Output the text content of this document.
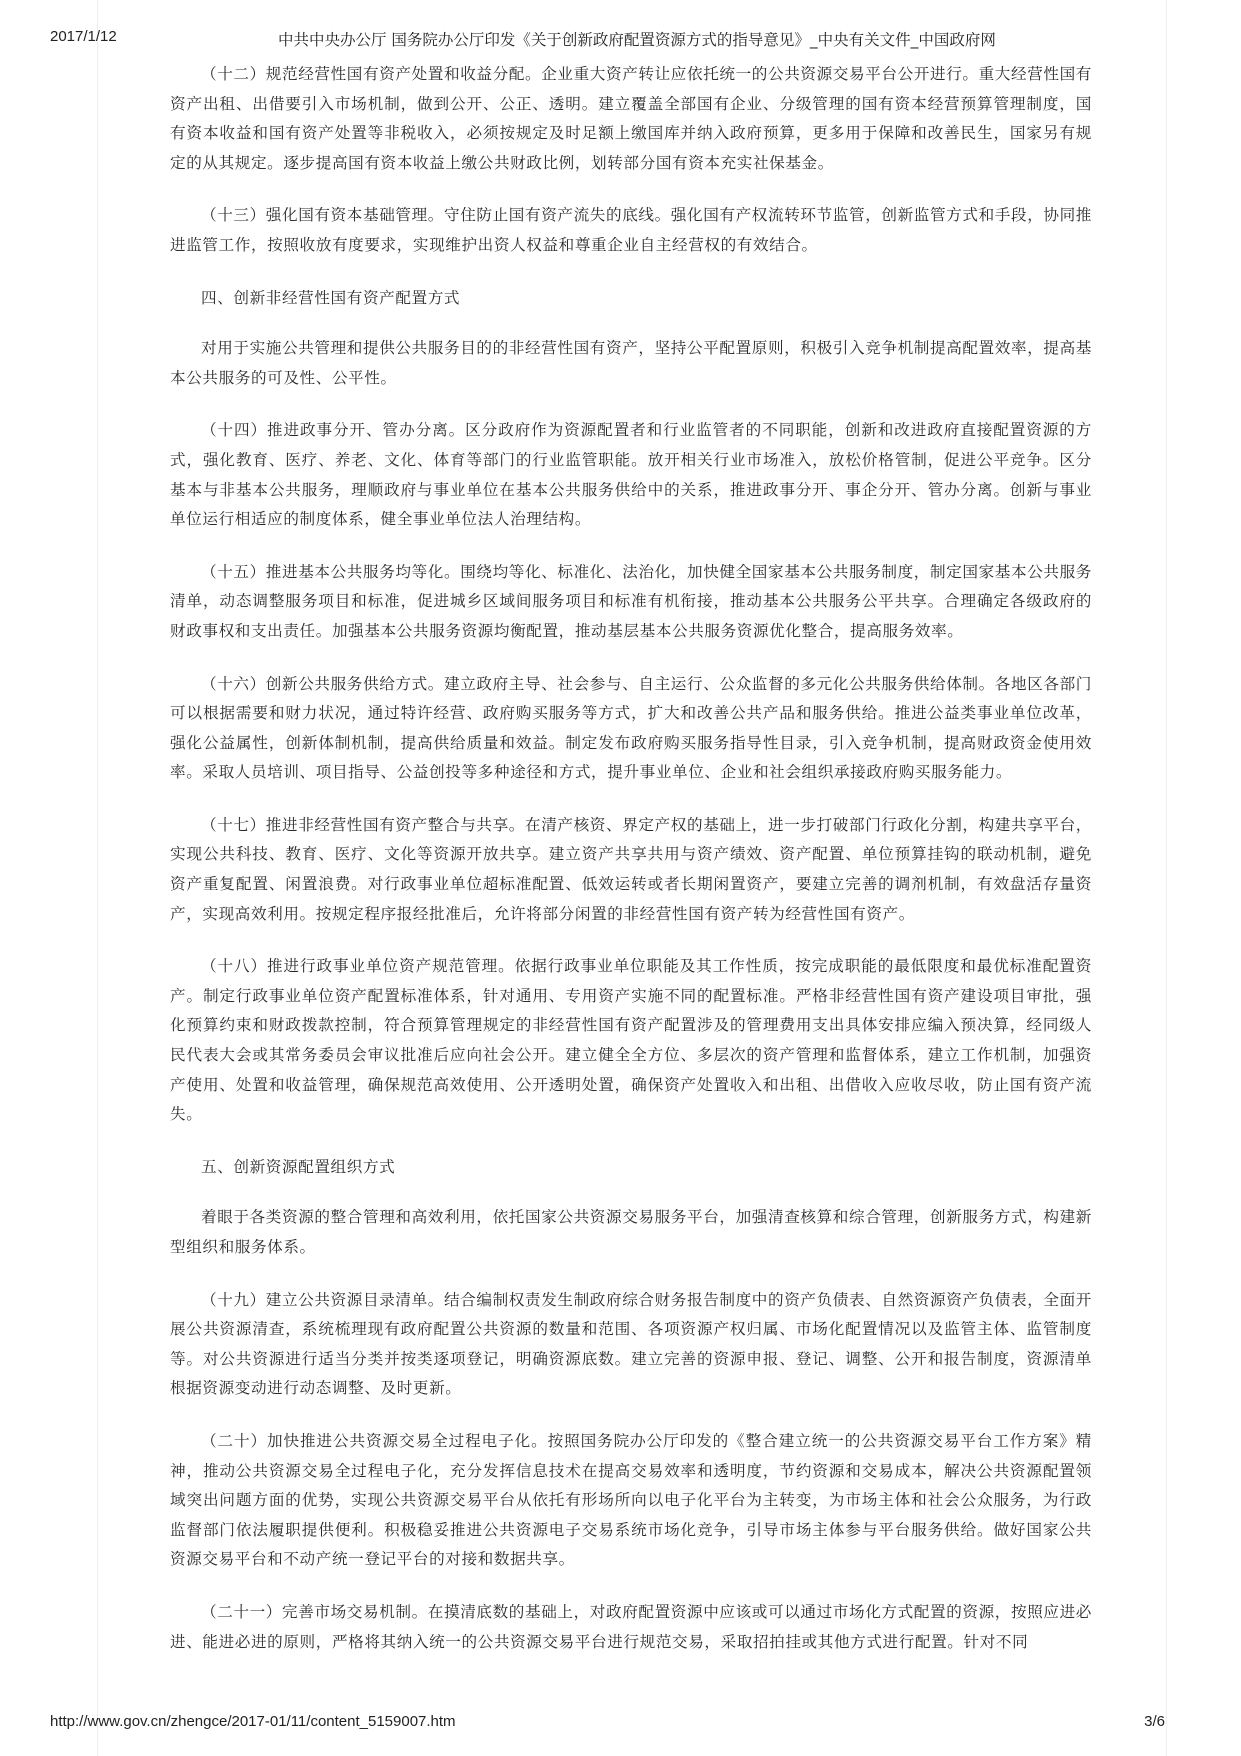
2017/1/12	中共中央办公厅 国务院办公厅印发《关于创新政府配置资源方式的指导意见》_中央有关文件_中国政府网

（十二）规范经营性国有资产处置和收益分配。企业重大资产转让应依托统一的公共资源交易平台公开进行。重大经营性国有资产出租、出借要引入市场机制，做到公开、公正、透明。建立覆盖全部国有企业、分级管理的国有资本经营预算管理制度，国有资本收益和国有资产处置等非税收入，必须按规定及时足额上缴国库并纳入政府预算，更多用于保障和改善民生，国家另有规定的从其规定。逐步提高国有资本收益上缴公共财政比例，划转部分国有资本充实社保基金。

（十三）强化国有资本基础管理。守住防止国有资产流失的底线。强化国有产权流转环节监管，创新监管方式和手段，协同推进监管工作，按照收放有度要求，实现维护出资人权益和尊重企业自主经营权的有效结合。

四、创新非经营性国有资产配置方式

对用于实施公共管理和提供公共服务目的的非经营性国有资产，坚持公平配置原则，积极引入竞争机制提高配置效率，提高基本公共服务的可及性、公平性。

（十四）推进政事分开、管办分离。区分政府作为资源配置者和行业监管者的不同职能，创新和改进政府直接配置资源的方式，强化教育、医疗、养老、文化、体育等部门的行业监管职能。放开相关行业市场准入，放松价格管制，促进公平竞争。区分基本与非基本公共服务，理顺政府与事业单位在基本公共服务供给中的关系，推进政事分开、事企分开、管办分离。创新与事业单位运行相适应的制度体系，健全事业单位法人治理结构。

（十五）推进基本公共服务均等化。围绕均等化、标准化、法治化，加快健全国家基本公共服务制度，制定国家基本公共服务清单，动态调整服务项目和标准，促进城乡区域间服务项目和标准有机衔接，推动基本公共服务公平共享。合理确定各级政府的财政事权和支出责任。加强基本公共服务资源均衡配置，推动基层基本公共服务资源优化整合，提高服务效率。

（十六）创新公共服务供给方式。建立政府主导、社会参与、自主运行、公众监督的多元化公共服务供给体制。各地区各部门可以根据需要和财力状况，通过特许经营、政府购买服务等方式，扩大和改善公共产品和服务供给。推进公益类事业单位改革，强化公益属性，创新体制机制，提高供给质量和效益。制定发布政府购买服务指导性目录，引入竞争机制，提高财政资金使用效率。采取人员培训、项目指导、公益创投等多种途径和方式，提升事业单位、企业和社会组织承接政府购买服务能力。

（十七）推进非经营性国有资产整合与共享。在清产核资、界定产权的基础上，进一步打破部门行政化分割，构建共享平台，实现公共科技、教育、医疗、文化等资源开放共享。建立资产共享共用与资产绩效、资产配置、单位预算挂钩的联动机制，避免资产重复配置、闲置浪费。对行政事业单位超标准配置、低效运转或者长期闲置资产，要建立完善的调剂机制，有效盘活存量资产，实现高效利用。按规定程序报经批准后，允许将部分闲置的非经营性国有资产转为经营性国有资产。

（十八）推进行政事业单位资产规范管理。依据行政事业单位职能及其工作性质，按完成职能的最低限度和最优标准配置资产。制定行政事业单位资产配置标准体系，针对通用、专用资产实施不同的配置标准。严格非经营性国有资产建设项目审批，强化预算约束和财政拨款控制，符合预算管理规定的非经营性国有资产配置涉及的管理费用支出具体安排应编入预决算，经同级人民代表大会或其常务委员会审议批准后应向社会公开。建立健全全方位、多层次的资产管理和监督体系，建立工作机制，加强资产使用、处置和收益管理，确保规范高效使用、公开透明处置，确保资产处置收入和出租、出借收入应收尽收，防止国有资产流失。

五、创新资源配置组织方式

着眼于各类资源的整合管理和高效利用，依托国家公共资源交易服务平台，加强清查核算和综合管理，创新服务方式，构建新型组织和服务体系。

（十九）建立公共资源目录清单。结合编制权责发生制政府综合财务报告制度中的资产负债表、自然资源资产负债表，全面开展公共资源清查，系统梳理现有政府配置公共资源的数量和范围、各项资源产权归属、市场化配置情况以及监管主体、监管制度等。对公共资源进行适当分类并按类逐项登记，明确资源底数。建立完善的资源申报、登记、调整、公开和报告制度，资源清单根据资源变动进行动态调整、及时更新。

（二十）加快推进公共资源交易全过程电子化。按照国务院办公厅印发的《整合建立统一的公共资源交易平台工作方案》精神，推动公共资源交易全过程电子化，充分发挥信息技术在提高交易效率和透明度，节约资源和交易成本，解决公共资源配置领域突出问题方面的优势，实现公共资源交易平台从依托有形场所向以电子化平台为主转变，为市场主体和社会公众服务，为行政监督部门依法履职提供便利。积极稳妥推进公共资源电子交易系统市场化竞争，引导市场主体参与平台服务供给。做好国家公共资源交易平台和不动产统一登记平台的对接和数据共享。

（二十一）完善市场交易机制。在摸清底数的基础上，对政府配置资源中应该或可以通过市场化方式配置的资源，按照应进必进、能进必进的原则，严格将其纳入统一的公共资源交易平台进行规范交易，采取招拍挂或其他方式进行配置。针对不同

http://www.gov.cn/zhengce/2017-01/11/content_5159007.htm	3/6
